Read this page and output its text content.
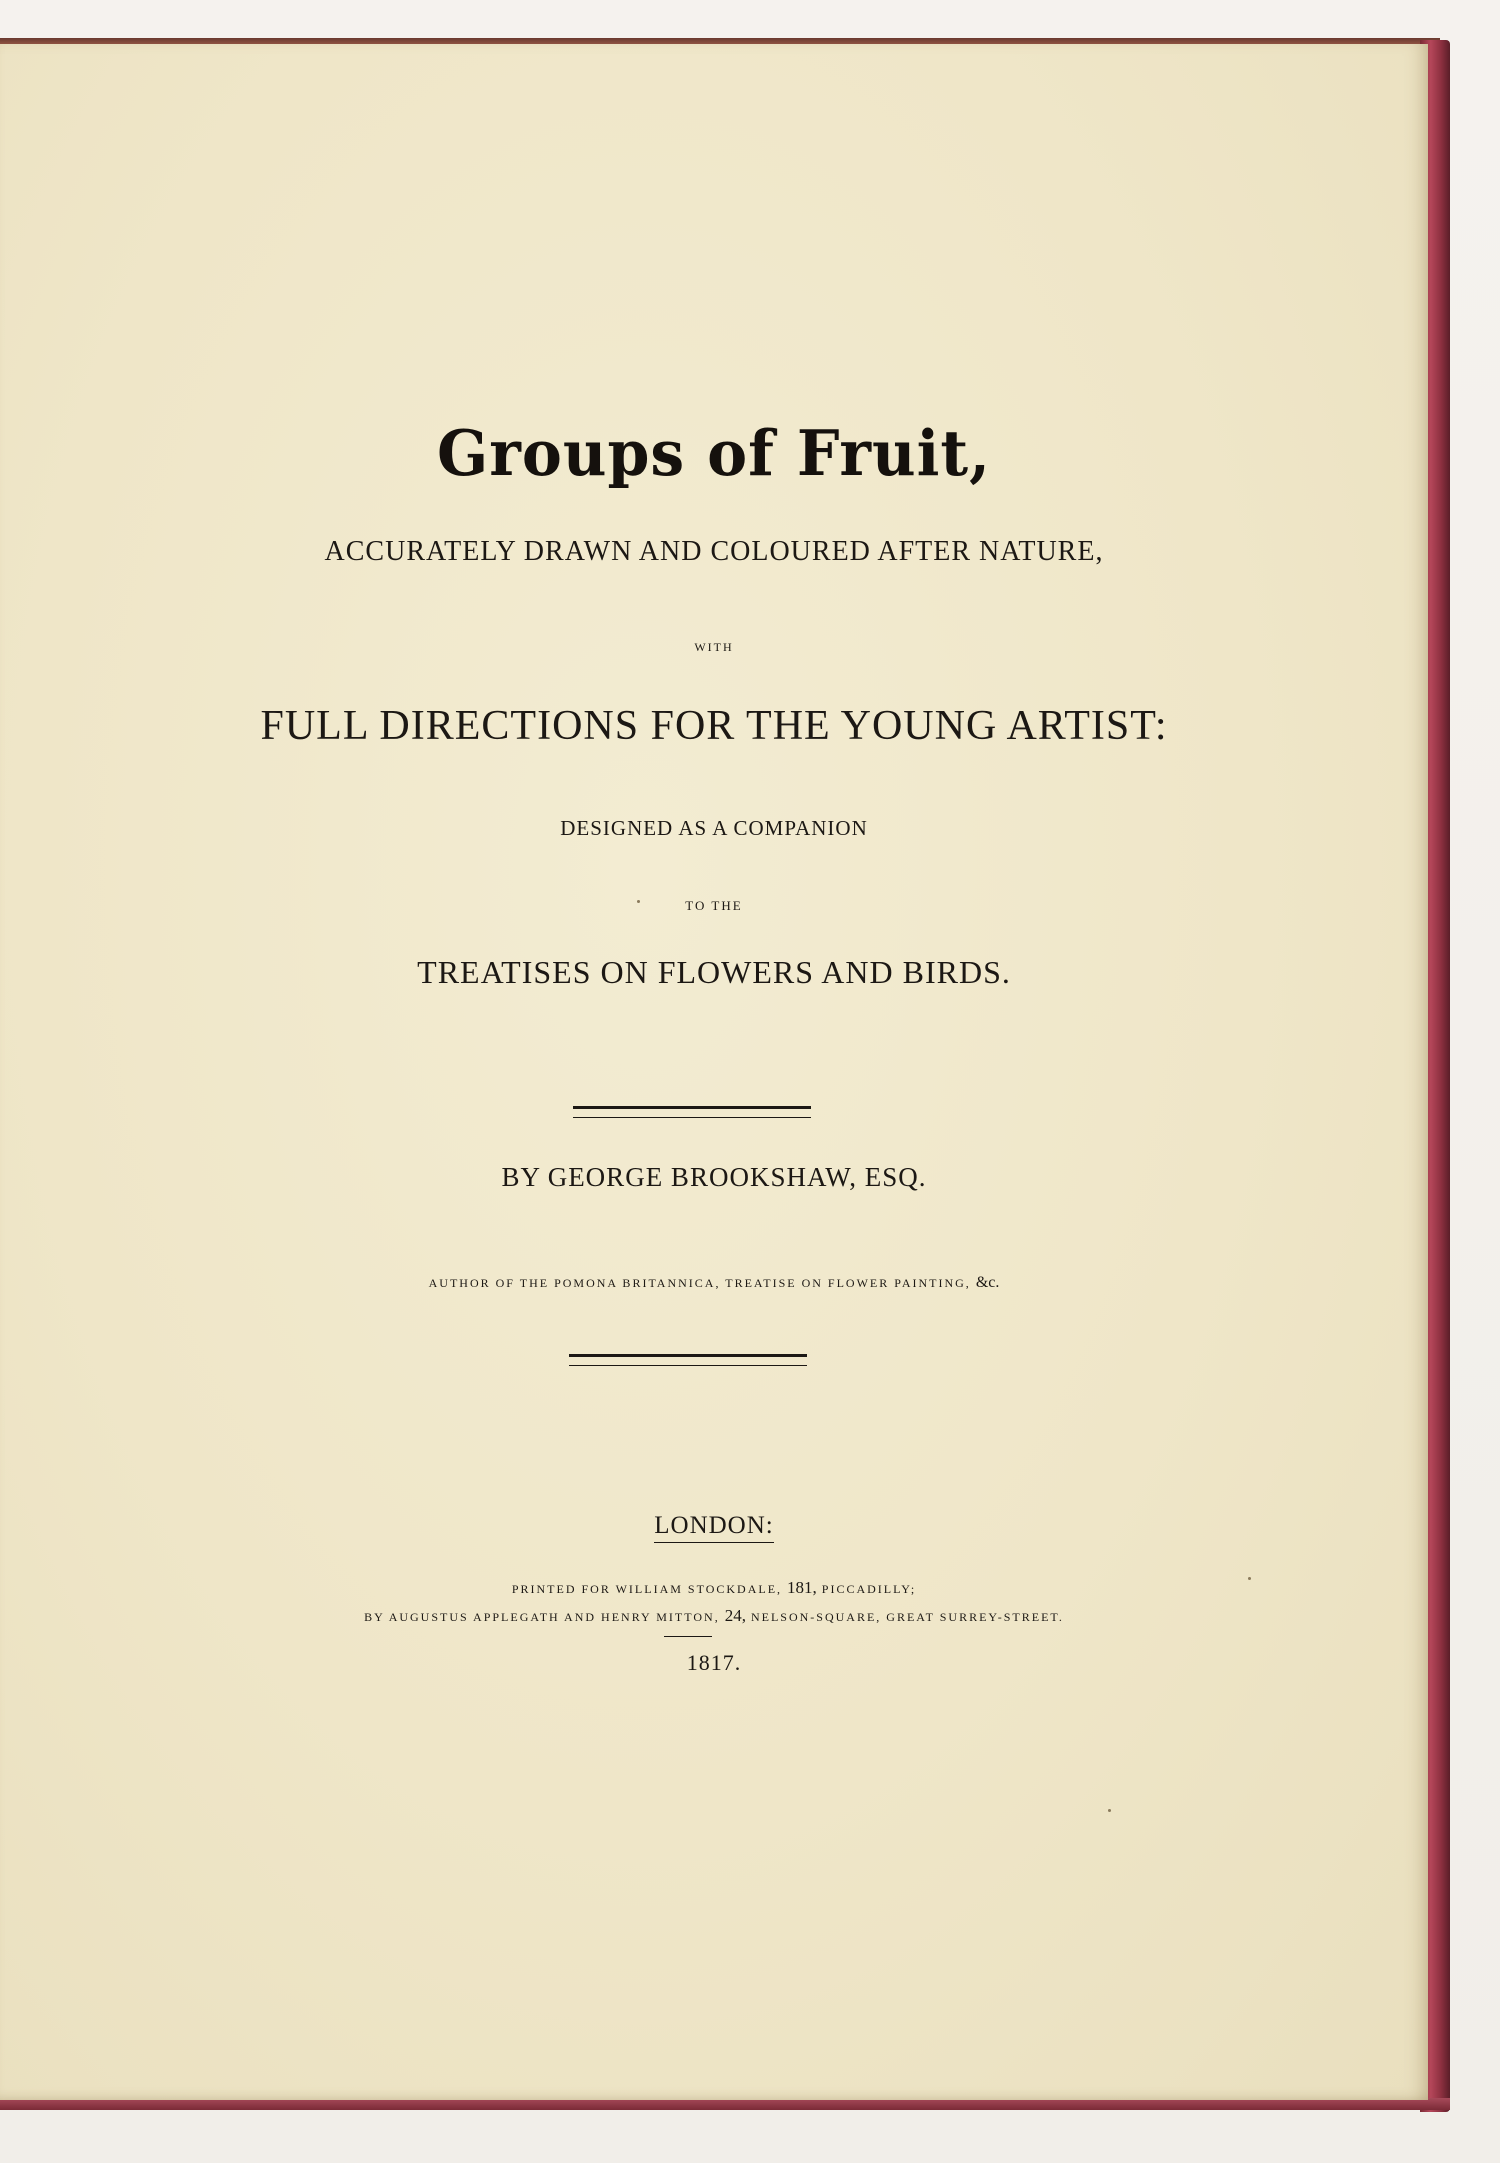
Groups of Fruit,
ACCURATELY DRAWN AND COLOURED AFTER NATURE,
WITH
FULL DIRECTIONS FOR THE YOUNG ARTIST:
DESIGNED AS A COMPANION
TO THE
TREATISES ON FLOWERS AND BIRDS.
BY GEORGE BROOKSHAW, ESQ.
AUTHOR OF THE POMONA BRITANNICA, TREATISE ON FLOWER PAINTING, &c.
LONDON:
PRINTED FOR WILLIAM STOCKDALE, 181, PICCADILLY;
BY AUGUSTUS APPLEGATH AND HENRY MITTON, 24, NELSON-SQUARE, GREAT SURREY-STREET.
1817.
